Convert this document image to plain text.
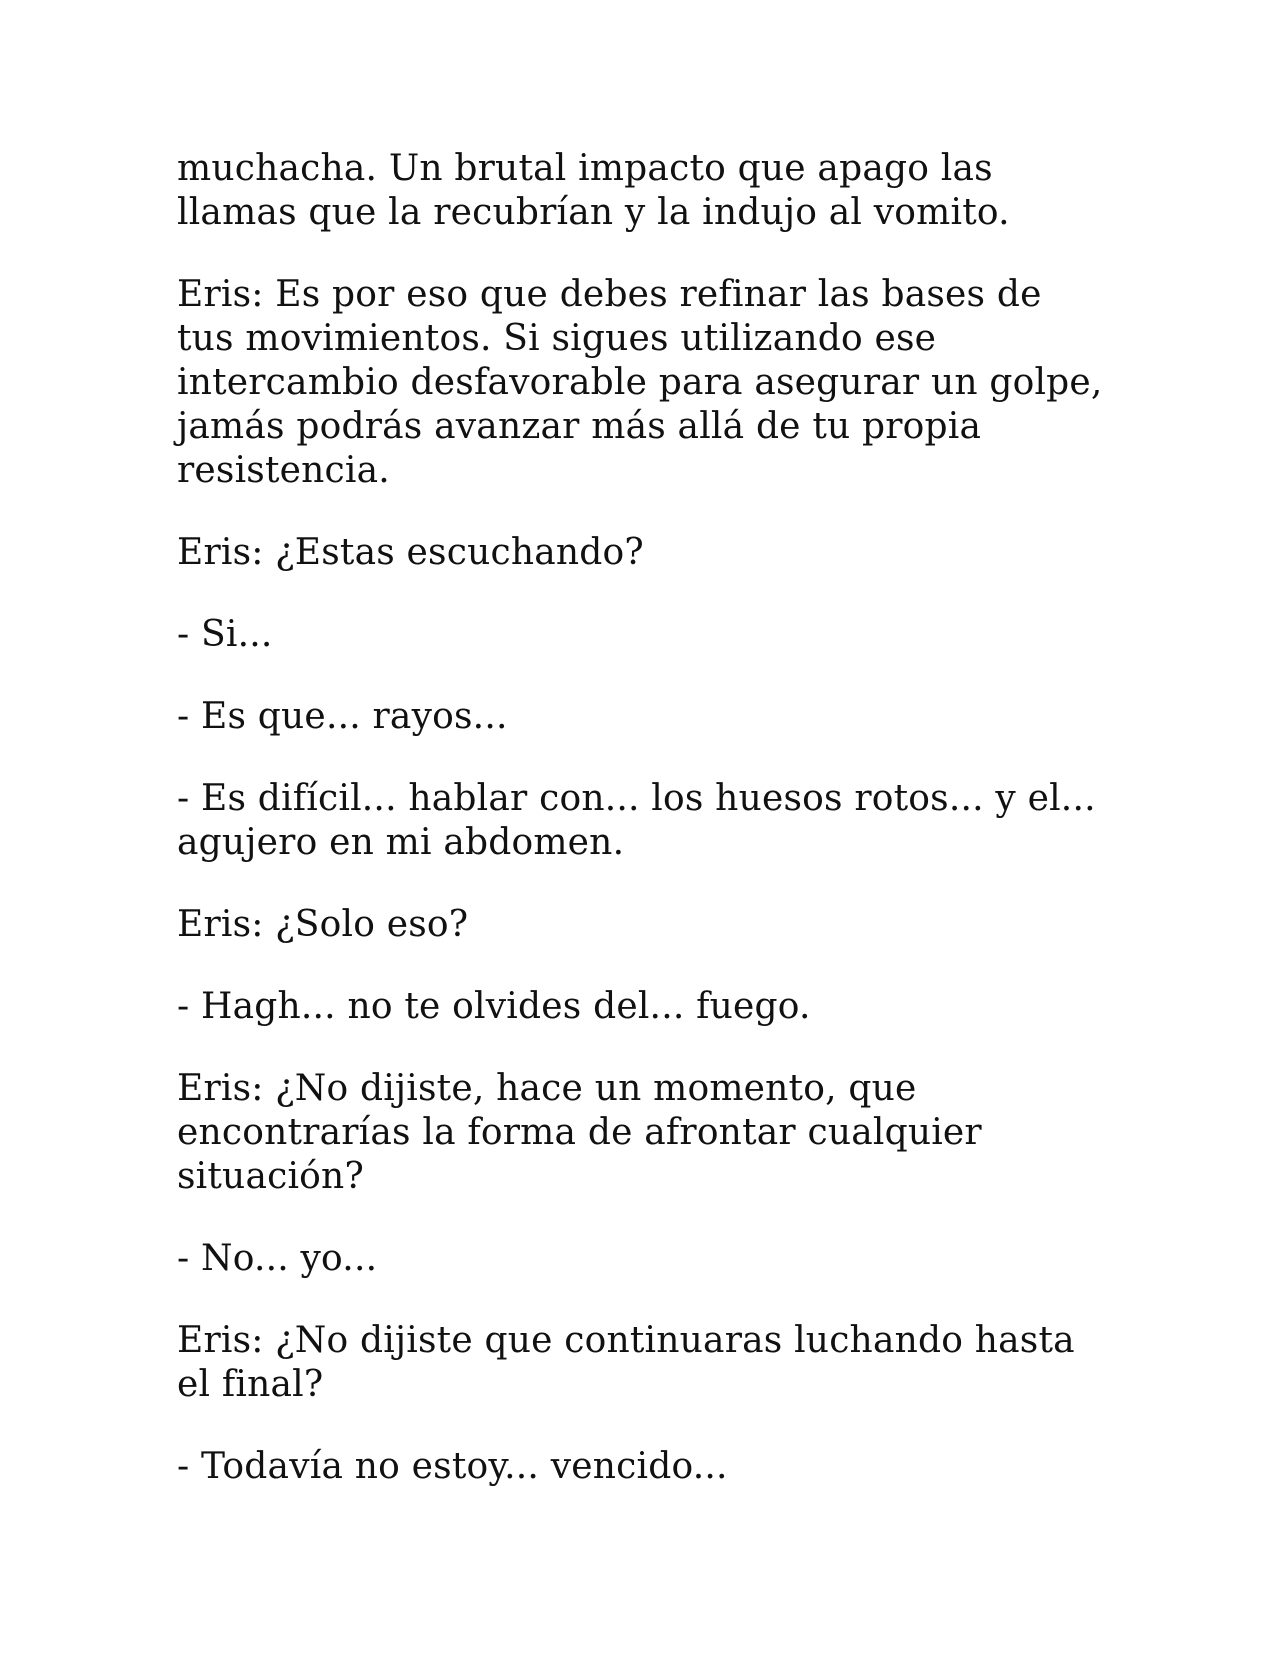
muchacha. Un brutal impacto que apago las llamas que la recubrían y la indujo al vomito.

Eris: Es por eso que debes refinar las bases de tus movimientos. Si sigues utilizando ese intercambio desfavorable para asegurar un golpe, jamás podrás avanzar más allá de tu propia resistencia.

Eris: ¿Estas escuchando?

- Si...

- Es que... rayos...

- Es difícil... hablar con... los huesos rotos... y el... agujero en mi abdomen.

Eris: ¿Solo eso?

- Hagh... no te olvides del... fuego.

Eris: ¿No dijiste, hace un momento, que encontrarías la forma de afrontar cualquier situación?

- No... yo...

Eris: ¿No dijiste que continuaras luchando hasta el final?

- Todavía no estoy... vencido...
